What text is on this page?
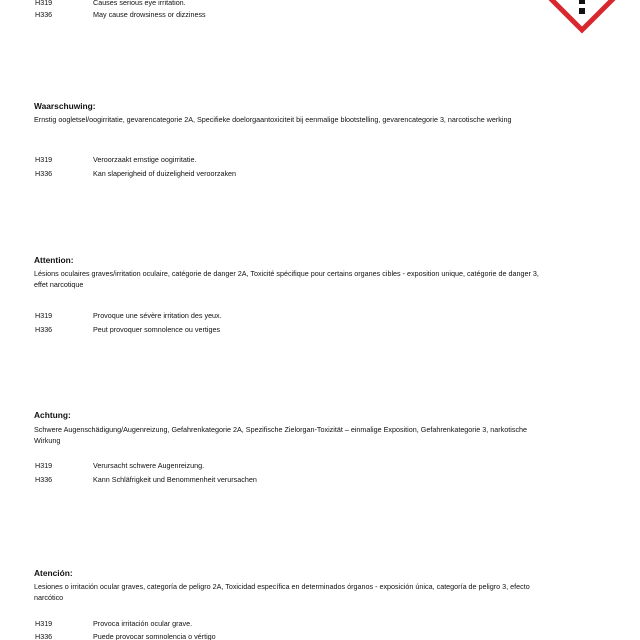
H319	Causes serious eye irritation.
H336	May cause drowsiness or dizziness
Waarschuwing:
Ernstig oogletsel/oogirritatie, gevarencategorie 2A, Specifieke doelorgaantoxiciteit bij eenmalige blootstelling, gevarencategorie 3, narcotische werking
H319	Veroorzaakt ernstige oogirritatie.
H336	Kan slaperigheid of duizeligheid veroorzaken
Attention:
Lésions oculaires graves/irritation oculaire, catégorie de danger 2A, Toxicité spécifique pour certains organes cibles - exposition unique, catégorie de danger 3, effet narcotique
H319	Provoque une sévère irritation des yeux.
H336	Peut provoquer somnolence ou vertiges
Achtung:
Schwere Augenschädigung/Augenreizung, Gefahrenkategorie 2A, Spezifische Zielorgan-Toxizität – einmalige Exposition, Gefahrenkategorie 3, narkotische Wirkung
H319	Verursacht schwere Augenreizung.
H336	Kann Schläfrigkeit und Benommenheit verursachen
Atención:
Lesiones o irritación ocular graves, categoría de peligro 2A, Toxicidad específica en determinados órganos - exposición única, categoría de peligro 3, efecto narcótico
H319	Provoca irritación ocular grave.
H336	Puede provocar somnolencia o vértigo
